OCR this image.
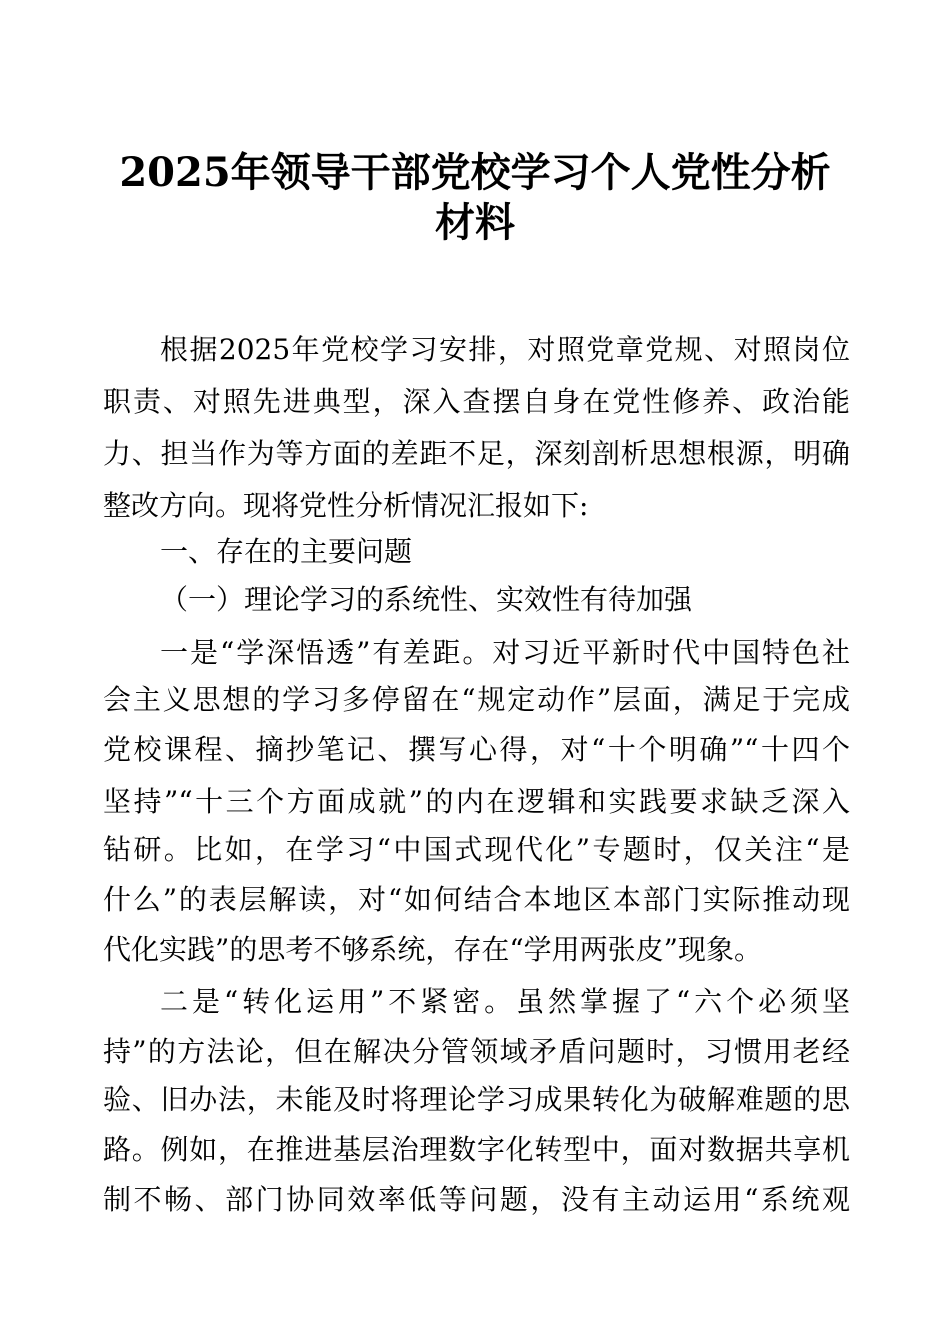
2025年领导干部党校学习个人党性分析
材料

根据2025年党校学习安排，对照党章党规、对照岗位

职责、对照先进典型，深入查摆自身在党性修养、政治能

力、担当作为等方面的差距不足，深刻剖析思想根源，明确

整改方向。现将党性分析情况汇报如下:

一、存在的主要问题

（一）理论学习的系统性、实效性有待加强

一是“学深悟透”有差距。对习近平新时代中国特色社

会主义思想的学习多停留在“规定动作”层面，满足于完成

党校课程、摘抄笔记、撰写心得，对“十个明确”“十四个

坚持”“十三个方面成就”的内在逻辑和实践要求缺乏深入

钻研。比如，在学习“中国式现代化”专题时，仅关注“是

什么”的表层解读，对“如何结合本地区本部门实际推动现

代化实践”的思考不够系统，存在“学用两张皮”现象。

二是“转化运用”不紧密。虽然掌握了“六个必须坚

持”的方法论，但在解决分管领域矛盾问题时，习惯用老经

验、旧办法，未能及时将理论学习成果转化为破解难题的思

路。例如，在推进基层治理数字化转型中，面对数据共享机

制不畅、部门协同效率低等问题，没有主动运用“系统观
